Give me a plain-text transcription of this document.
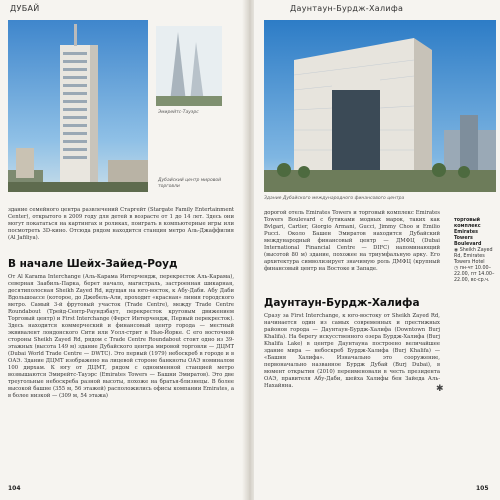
ДУБАЙ
Эмирейтс-Тауэрс
Дубайский центр мировой торговли
здание семейного центра развлечений Старгейт (Stargate Family Entertainment Center), открытого в 2009 году для детей в возрасте от 1 до 14 лет. Здесь они могут покататься на картингах и роликах, поиграть в компьютерные игры или посмотреть 3D-кино. Отсюда рядом находится станция метро Аль-Джаффилия (Al Jafiliya).
В начале Шейх-Зайед-Роуд
От Al Karama Interchange (Аль-Карама Интерчендж, перекресток Аль-Карама), северная Заабиль-Парка, берет начало, магистраль, застроенная шикарная, десятиполосная Sheikh Zayed Rd, идущая на юго-восток, к Абу-Даби. Абу Даби Вдольшоассе (которое, до Джебель-Али, проходит «красная» линия городского метро. Самый 3-й фрутовый участок (Trade Centre), между Trade Centre Roundabout (Трейд-Сентр-Раундэбаут, перекресток круговым движением Торговый центр) и First Interchange (Ферст Интерчендж, Первый перекресток). Здесь находится коммерческий и финансовый центр города — местный эквивалент лондонского Сити или Уолл-стрит в Нью-Йорке. С его восточной стороны Sheikh Zayed Rd, рядом с Trade Centre Roundabout стоит одно из 39-этажных (высота 149 м) здание Дубайского центра мировой торговли — ДЦМТ (Dubai World Trade Centre — DWTC). Это первый (1979) небоскреб в городе и в ОАЭ. Здание ДЦМТ изображено на лицевой стороне банкноты ОАЭ номиналом 100 дирхам. К югу от ДЦМТ, рядом с одноименной станцией метро возвышаются Эмирейтс-Тауэрс (Emirates Towers — Башни Эмиратов). Это две треугольные небоскреба разной высоты, похоже на братья-близнецы. В более высокой башне (355 м, 56 этажей) расположились офисы компании Emirates, а в более низкой — (309 м, 54 этажа)
104
Даунтаун-Бурдж-Халифа
Здание Дубайского международного финансового центра
дорогой отель Emirates Towers и торговый комплекс Emirates Towers Boulevard с бутиками модных марок, таких как Bvlgari, Cartier, Giorgio Armani, Gucci, Jimmy Choo и Emilio Pucci. Около Башен Эмиратов находится Дубайский международный финансовый центр — ДМФЦ (Dubai International Financial Centre — DIFC) напоминающий (высотой 80 м) здание, похожее на триумфальную арку. Его архитектура символизирует значимую роль ДМФЦ (крупный финансовый центр на Востоке и Западе.
Даунтаун-Бурдж-Халифа
Сразу за First Interchange, к юго-востоку от Sheikh Zayed Rd, начинается один из самых современных и престижных районов города — Даунтаун-Бурдж-Халифа (Downtown Burj Khalifa). На берегу искусственного озера Бурдж-Халифа (Burj Khalifa Lake) в центре Даунтауна построено величайшее здание мира — небоскреб Бурдж-Халифа (Burj Khalifa) — «Башня Халифа». Изначально это сооружение, первоначально названное Бурдж Дубай (Burj Dubai), в момент открытия (2010) переименовали в честь президента ОАЭ, правителя Абу-Даби, шейха Халифы бен Зайеда Аль-Нахайяна.
торговый комплекс Emirates Towers Boulevard
◉ Sheikh Zayed Rd, Emirates Towers Hotel
◷ пн-чт 10.00–22.00, пт 14.00–22.00, вс-ср.ч.
✱
105
